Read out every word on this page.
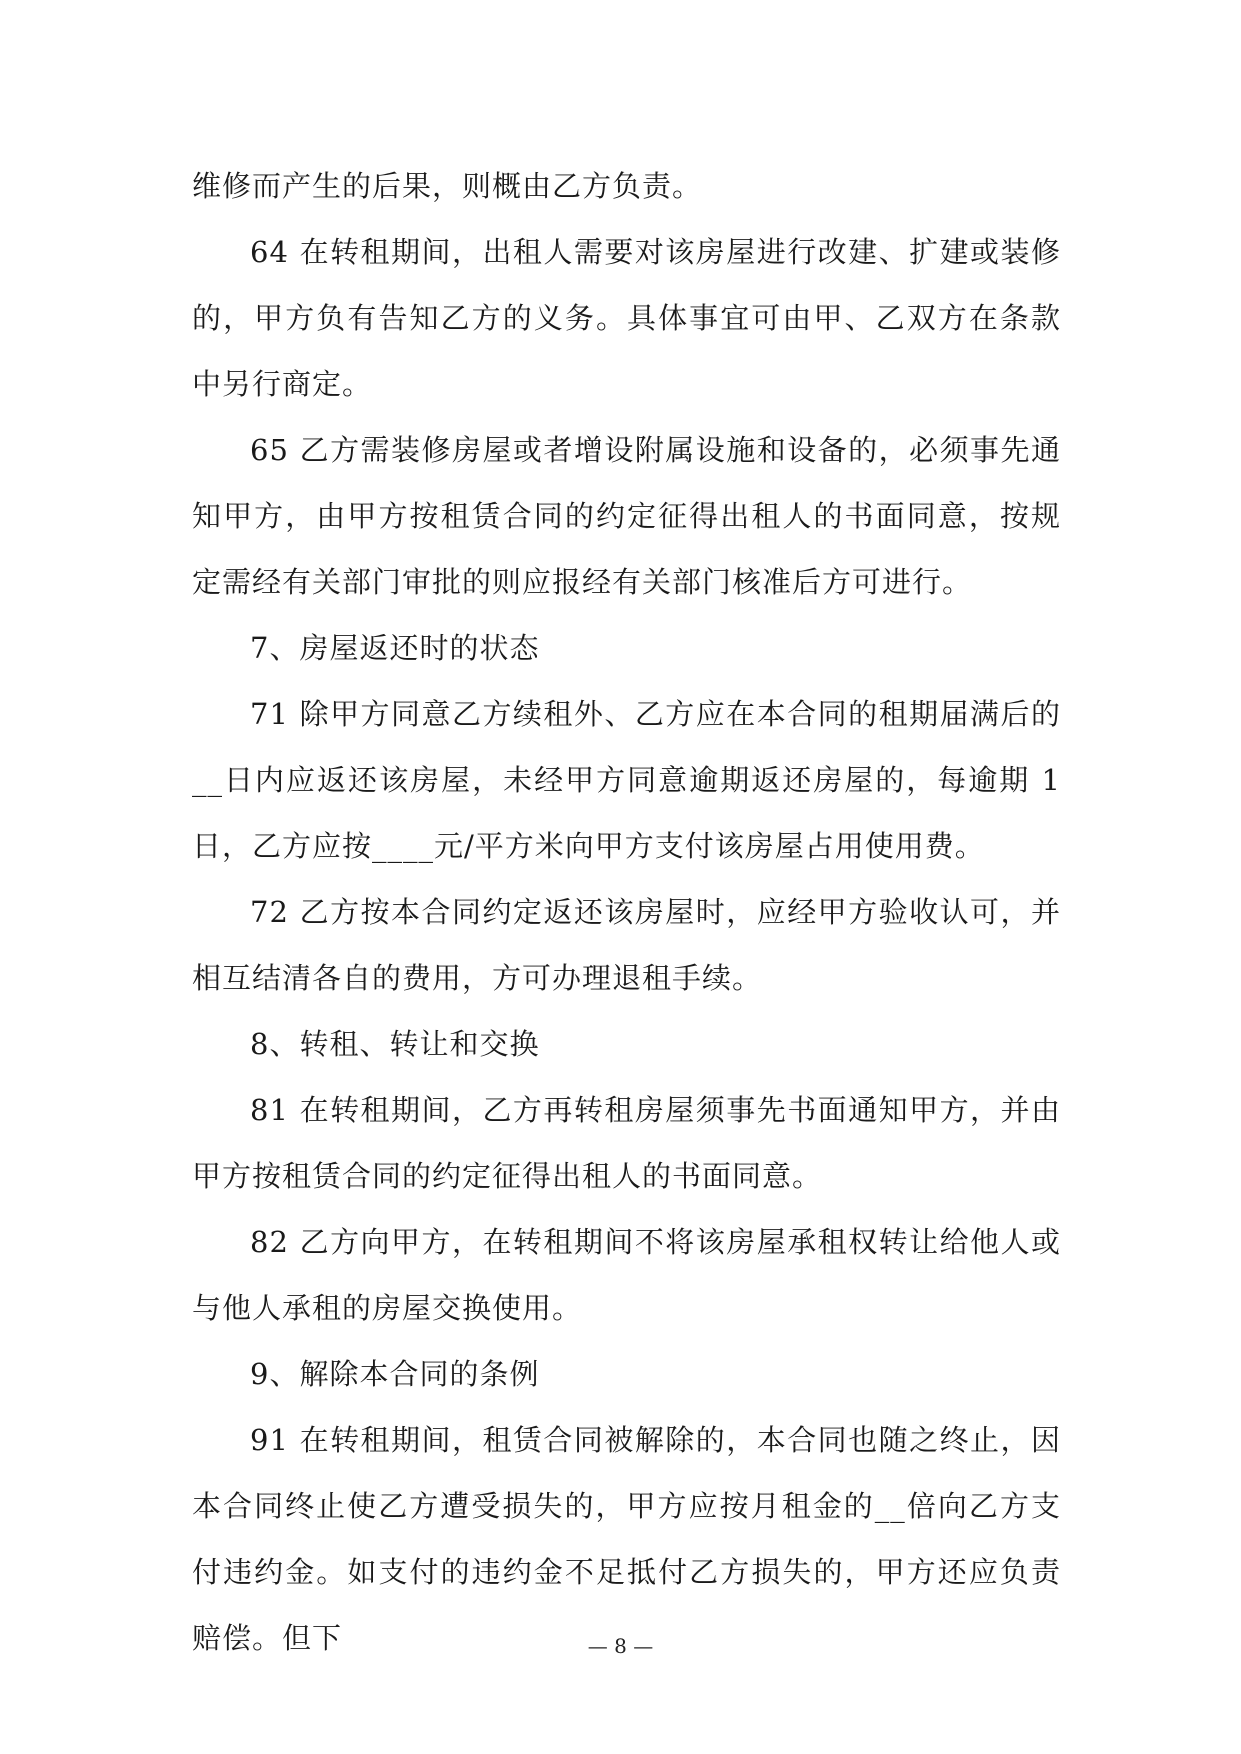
维修而产生的后果，则概由乙方负责。

64 在转租期间，出租人需要对该房屋进行改建、扩建或装修的，甲方负有告知乙方的义务。具体事宜可由甲、乙双方在条款中另行商定。

65 乙方需装修房屋或者增设附属设施和设备的，必须事先通知甲方，由甲方按租赁合同的约定征得出租人的书面同意，按规定需经有关部门审批的则应报经有关部门核准后方可进行。

7、房屋返还时的状态

71 除甲方同意乙方续租外、乙方应在本合同的租期届满后的__日内应返还该房屋，未经甲方同意逾期返还房屋的，每逾期 1 日，乙方应按____元/平方米向甲方支付该房屋占用使用费。

72 乙方按本合同约定返还该房屋时，应经甲方验收认可，并相互结清各自的费用，方可办理退租手续。

8、转租、转让和交换

81 在转租期间，乙方再转租房屋须事先书面通知甲方，并由甲方按租赁合同的约定征得出租人的书面同意。

82 乙方向甲方，在转租期间不将该房屋承租权转让给他人或与他人承租的房屋交换使用。

9、解除本合同的条例

91 在转租期间，租赁合同被解除的，本合同也随之终止，因本合同终止使乙方遭受损失的，甲方应按月租金的__倍向乙方支付违约金。如支付的违约金不足抵付乙方损失的，甲方还应负责赔偿。但下	— 8 —
